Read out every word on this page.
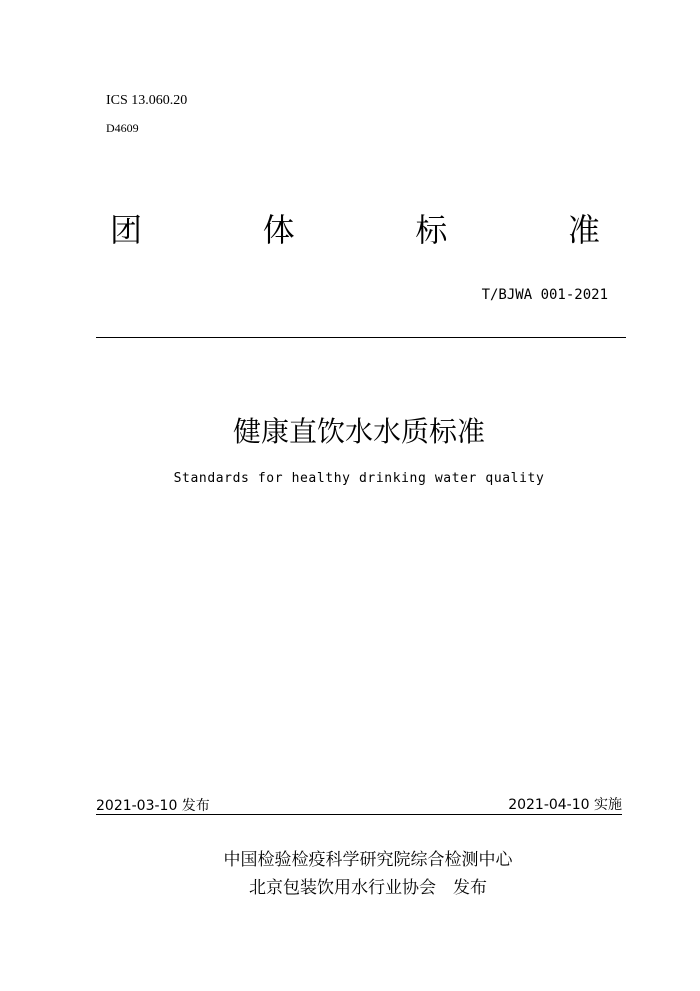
ICS 13.060.20
D4609
团	体	标	准
T/BJWA 001-2021
健康直饮水水质标准
Standards for healthy drinking water quality
2021-03-10 发布	2021-04-10 实施
中国检验检疫科学研究院综合检测中心
北京包装饮用水行业协会　发布
